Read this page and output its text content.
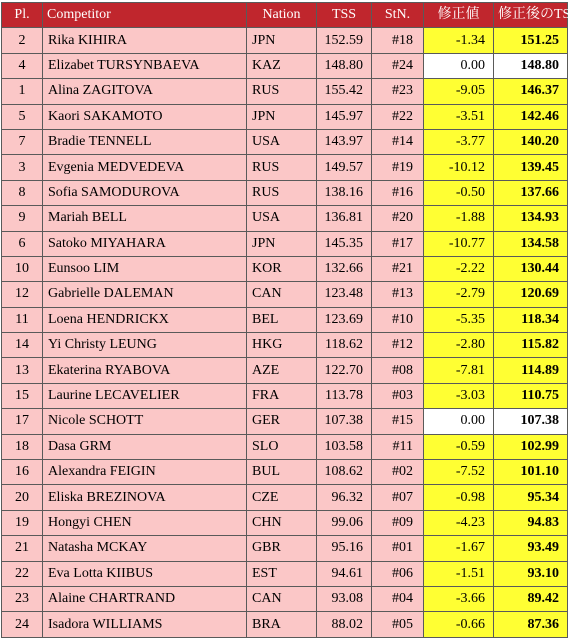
Pl.	Competitor	Nation	TSS	StN.	修正値	修正後のTSS
2	Rika KIHIRA	JPN	152.59	#18	-1.34	151.25
4	Elizabet TURSYNBAEVA	KAZ	148.80	#24	0.00	148.80
1	Alina ZAGITOVA	RUS	155.42	#23	-9.05	146.37
5	Kaori SAKAMOTO	JPN	145.97	#22	-3.51	142.46
7	Bradie TENNELL	USA	143.97	#14	-3.77	140.20
3	Evgenia MEDVEDEVA	RUS	149.57	#19	-10.12	139.45
8	Sofia SAMODUROVA	RUS	138.16	#16	-0.50	137.66
9	Mariah BELL	USA	136.81	#20	-1.88	134.93
6	Satoko MIYAHARA	JPN	145.35	#17	-10.77	134.58
10	Eunsoo LIM	KOR	132.66	#21	-2.22	130.44
12	Gabrielle DALEMAN	CAN	123.48	#13	-2.79	120.69
11	Loena HENDRICKX	BEL	123.69	#10	-5.35	118.34
14	Yi Christy LEUNG	HKG	118.62	#12	-2.80	115.82
13	Ekaterina RYABOVA	AZE	122.70	#08	-7.81	114.89
15	Laurine LECAVELIER	FRA	113.78	#03	-3.03	110.75
17	Nicole SCHOTT	GER	107.38	#15	0.00	107.38
18	Dasa GRM	SLO	103.58	#11	-0.59	102.99
16	Alexandra FEIGIN	BUL	108.62	#02	-7.52	101.10
20	Eliska BREZINOVA	CZE	96.32	#07	-0.98	95.34
19	Hongyi CHEN	CHN	99.06	#09	-4.23	94.83
21	Natasha MCKAY	GBR	95.16	#01	-1.67	93.49
22	Eva Lotta KIIBUS	EST	94.61	#06	-1.51	93.10
23	Alaine CHARTRAND	CAN	93.08	#04	-3.66	89.42
24	Isadora WILLIAMS	BRA	88.02	#05	-0.66	87.36
